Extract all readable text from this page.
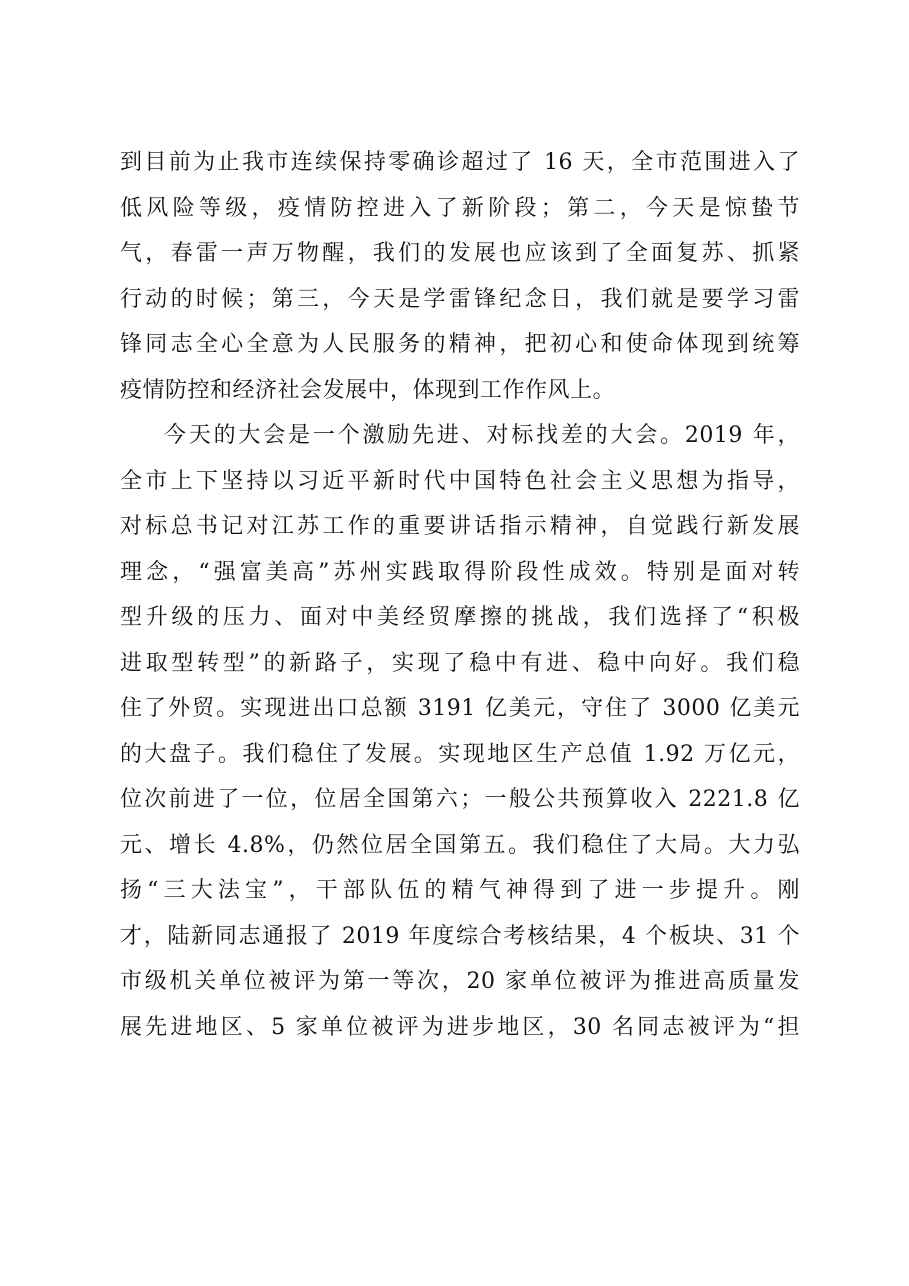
到目前为止我市连续保持零确诊超过了 16 天，全市范围进入了
低风险等级，疫情防控进入了新阶段；第二，今天是惊蛰节
气，春雷一声万物醒，我们的发展也应该到了全面复苏、抓紧
行动的时候；第三，今天是学雷锋纪念日，我们就是要学习雷
锋同志全心全意为人民服务的精神，把初心和使命体现到统筹
疫情防控和经济社会发展中，体现到工作作风上。
今天的大会是一个激励先进、对标找差的大会。2019 年，
全市上下坚持以习近平新时代中国特色社会主义思想为指导，
对标总书记对江苏工作的重要讲话指示精神，自觉践行新发展
理念，“强富美高”苏州实践取得阶段性成效。特别是面对转
型升级的压力、面对中美经贸摩擦的挑战，我们选择了“积极
进取型转型”的新路子，实现了稳中有进、稳中向好。我们稳
住了外贸。实现进出口总额 3191 亿美元，守住了 3000 亿美元
的大盘子。我们稳住了发展。实现地区生产总值 1.92 万亿元，
位次前进了一位，位居全国第六；一般公共预算收入 2221.8 亿
元、增长 4.8%，仍然位居全国第五。我们稳住了大局。大力弘
扬“三大法宝”，干部队伍的精气神得到了进一步提升。刚
才，陆新同志通报了 2019 年度综合考核结果，4 个板块、31 个
市级机关单位被评为第一等次，20 家单位被评为推进高质量发
展先进地区、5 家单位被评为进步地区，30 名同志被评为“担
